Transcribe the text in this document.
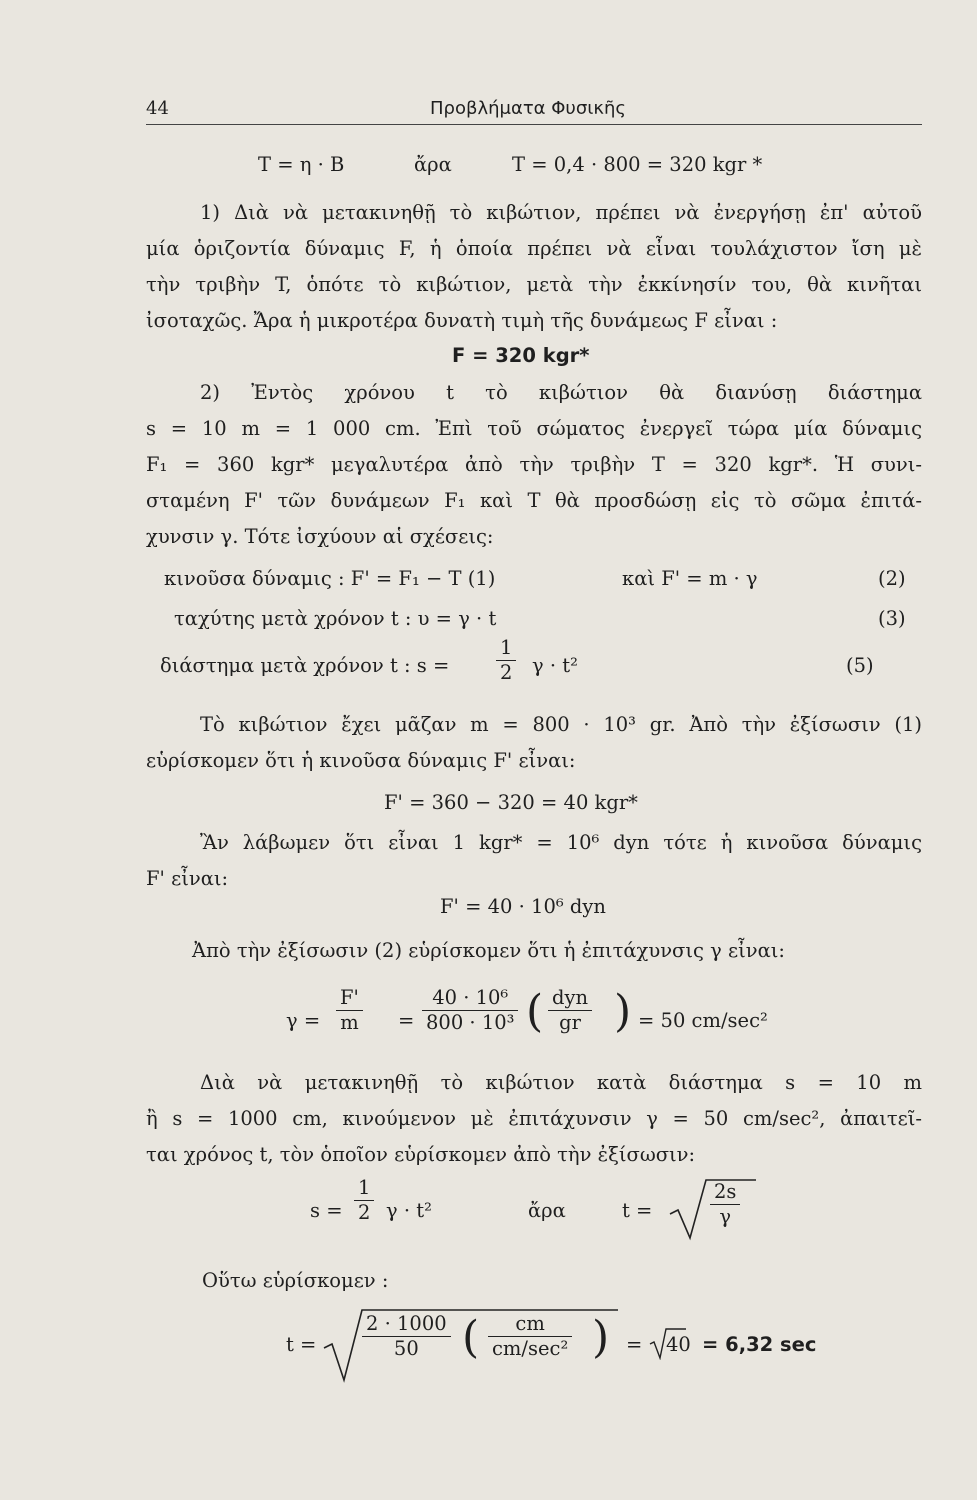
44	Προβλήματα Φυσικῆς
T = η · B	ἄρα	T = 0,4 · 800 = 320 kgr *
1) Διὰ νὰ μετακινηθῇ τὸ κιβώτιον, πρέπει νὰ ἐνεργήσῃ ἐπ' αὐτοῦ
μία ὁριζοντία δύναμις F, ἡ ὁποία πρέπει νὰ εἶναι τουλάχιστον ἴση μὲ
τὴν τριβὴν T, ὁπότε τὸ κιβώτιον, μετὰ τὴν ἐκκίνησίν του, θὰ κινῆται
ἰσοταχῶς. Ἄρα ἡ μικροτέρα δυνατὴ τιμὴ τῆς δυνάμεως F εἶναι :
F = 320 kgr*
2) Ἐντὸς χρόνου t τὸ κιβώτιον θὰ διανύσῃ διάστημα
s = 10 m = 1 000 cm. Ἐπὶ τοῦ σώματος ἐνεργεῖ τώρα μία δύναμις
F₁ = 360 kgr* μεγαλυτέρα ἀπὸ τὴν τριβὴν T = 320 kgr*. Ἡ συνι-
σταμένη F' τῶν δυνάμεων F₁ καὶ T θὰ προσδώσῃ εἰς τὸ σῶμα ἐπιτά-
χυνσιν γ. Τότε ἰσχύουν αἱ σχέσεις:
κινοῦσα δύναμις : F' = F₁ − T (1)	καὶ F' = m · γ	(2)
ταχύτης μετὰ χρόνον t : υ = γ · t	(3)
διάστημα μετὰ χρόνον t : $s = \frac{1}{2}$ γ · t²	(5)
Τὸ κιβώτιον ἔχει μᾶζαν m = 800 · 10³ gr. Ἀπὸ τὴν ἐξίσωσιν (1)
εὑρίσκομεν ὅτι ἡ κινοῦσα δύναμις F' εἶναι:
F' = 360 − 320 = 40 kgr*
Ἂν λάβωμεν ὅτι εἶναι 1 kgr* = 10⁶ dyn τότε ἡ κινοῦσα δύναμις
F' εἶναι:
F' = 40 · 10⁶ dyn
Ἀπὸ τὴν ἐξίσωσιν (2) εὑρίσκομεν ὅτι ἡ ἐπιτάχυνσις γ εἶναι:
$\gamma = \frac{F'}{m} = \frac{\text{40 · 10⁶}}{\text{800 · 10³}}$ ( dyn
gr ) = 50 cm/sec²
Διὰ νὰ μετακινηθῇ τὸ κιβώτιον κατὰ διάστημα s = 10 m
ἢ s = 1000 cm, κινούμενον μὲ ἐπιτάχυνσιν γ = 50 cm/sec², ἀπαιτεῖ-
ται χρόνος t, τὸν ὁποῖον εὑρίσκομεν ἀπὸ τὴν ἐξίσωσιν:
$s = \frac{1}{2}$ γ · t²	ἄρα	t =	$\frac{2s}{\gamma}$
Οὕτω εὑρίσκομεν :
$t = \frac{2 \cdot 1000}{50}$ (	cm
cm/sec² ) = 40 = 6,32 sec
